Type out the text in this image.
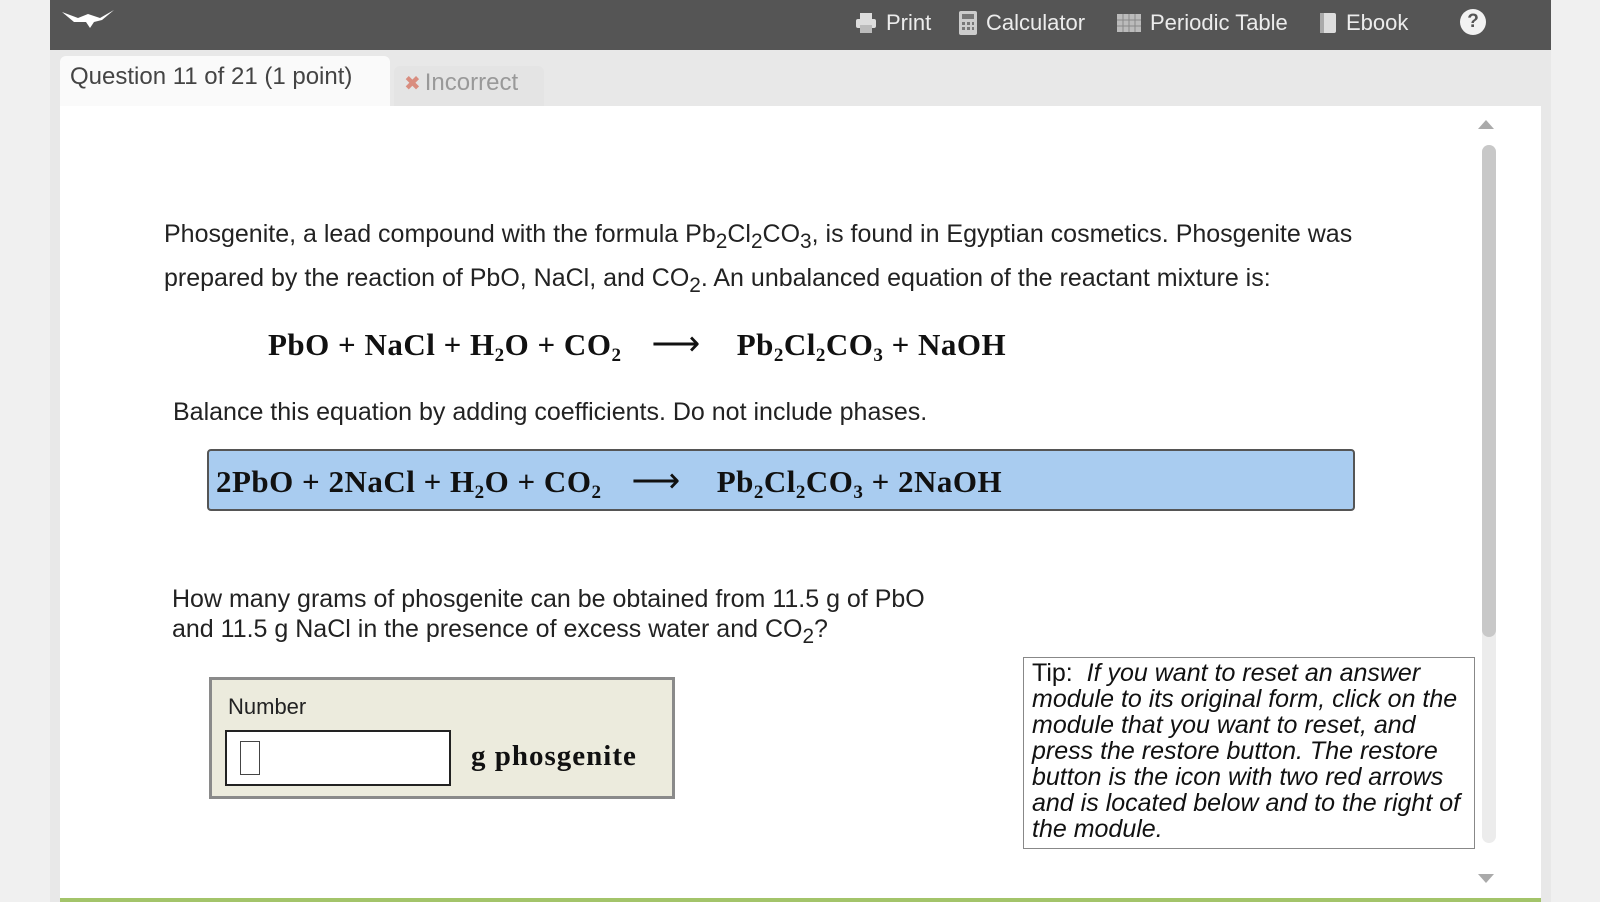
Print Calculator	Periodic Table	Ebook	?
Question 11 of 21 (1 point)	✖ Incorrect

Phosgenite, a lead compound with the formula $Pb_2Cl_2CO_3$, is found in Egyptian cosmetics. Phosgenite was
prepared by the reaction of PbO, NaCl, and $CO_2$. An unbalanced equation of the reactant mixture is:

PbO + NaCl + $H_2O + CO_2$ ⟶ $Pb_2Cl_2CO_3$ + NaOH

Balance this equation by adding coefficients. Do not include phases.

2PbO + 2NaCl + $H_2O + CO_2$ ⟶ $Pb_2Cl_2CO_3$ + 2NaOH

How many grams of phosgenite can be obtained from 11.5 g of PbO
and 11.5 g NaCl in the presence of excess water and $CO_2$?

Number
g phosgenite
Tip: If you want to reset an answer module to its original form, click on the module that you want to reset, and press the restore button. The restore button is the icon with two red arrows and is located below and to the right of the module.
